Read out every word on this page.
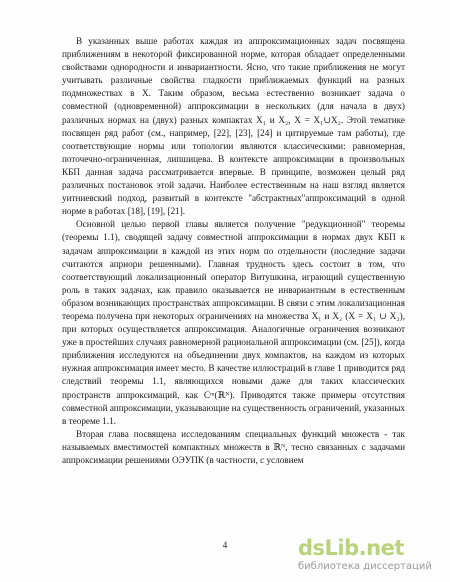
В указанных выше работах каждая из аппроксимационных задач посвящена приближениям в некоторой фиксированной норме, которая обладает определенными свойствами однородности и инвариантности. Ясно, что такие приближения не могут учитывать различные свойства гладкости приближаемых функций на разных подмножествах в X. Таким образом, весьма естественно возникает задача о совместной (одновременной) аппроксимации в нескольких (для начала в двух) различных нормах на (двух) разных компактах X₁ и X₂, X = X₁∪X₂. Этой тематике посвящен ряд работ (см., например, [22], [23], [24] и цитируемые там работы), где соответствующие нормы или топологии являются классическими: равномерная, поточечно-ограниченная, липшицева. В контексте аппроксимации в произвольных КБП данная задача рассматривается впервые. В принципе, возможен целый ряд различных постановок этой задачи. Наиболее естественным на наш взгляд является уитниевский подход, развитый в контексте "абстрактных"аппроксимаций в одной норме в работах [18], [19], [21].

Основной целью первой главы является получение "редукционной" теоремы (теоремы 1.1), сводящей задачу совместной аппроксимации в нормах двух КБП к задачам аппроксимации в каждой из этих норм по отдельности (последние задачи считаются априори решенными). Главная трудность здесь состоит в том, что соответствующий локализационный оператор Витушкина, играющий существенную роль в таких задачах, как правило оказывается не инвариантным в естественным образом возникающих пространствах аппроксимации. В связи с этим локализационная теорема получена при некоторых ограничениях на множества X₁ и X₂ (X = X₁ ∪ X₂), при которых осуществляется аппроксимация. Аналогичные ограничения возникают уже в простейших случаях равномерной рациональной аппроксимации (см. [25]), когда приближения исследуются на объединении двух компактов, на каждом из которых нужная аппроксимация имеет место. В качестве иллюстраций в главе 1 приводится ряд следствий теоремы 1.1, являющихся новыми даже для таких классических пространств аппроксимаций, как Cᵐ(ℝᴺ). Приводятся также примеры отсутствия совместной аппроксимации, указывающие на существенность ограничений, указанных в теореме 1.1.

Вторая глава посвящена исследованиям специальных функций множеств - так называемых вместимостей компактных множеств в ℝᴺ, тесно связанных с задачами аппроксимации решениями ОЭУПК (в частности, с условием

4	dsLib.net
библиотека диссертаций
